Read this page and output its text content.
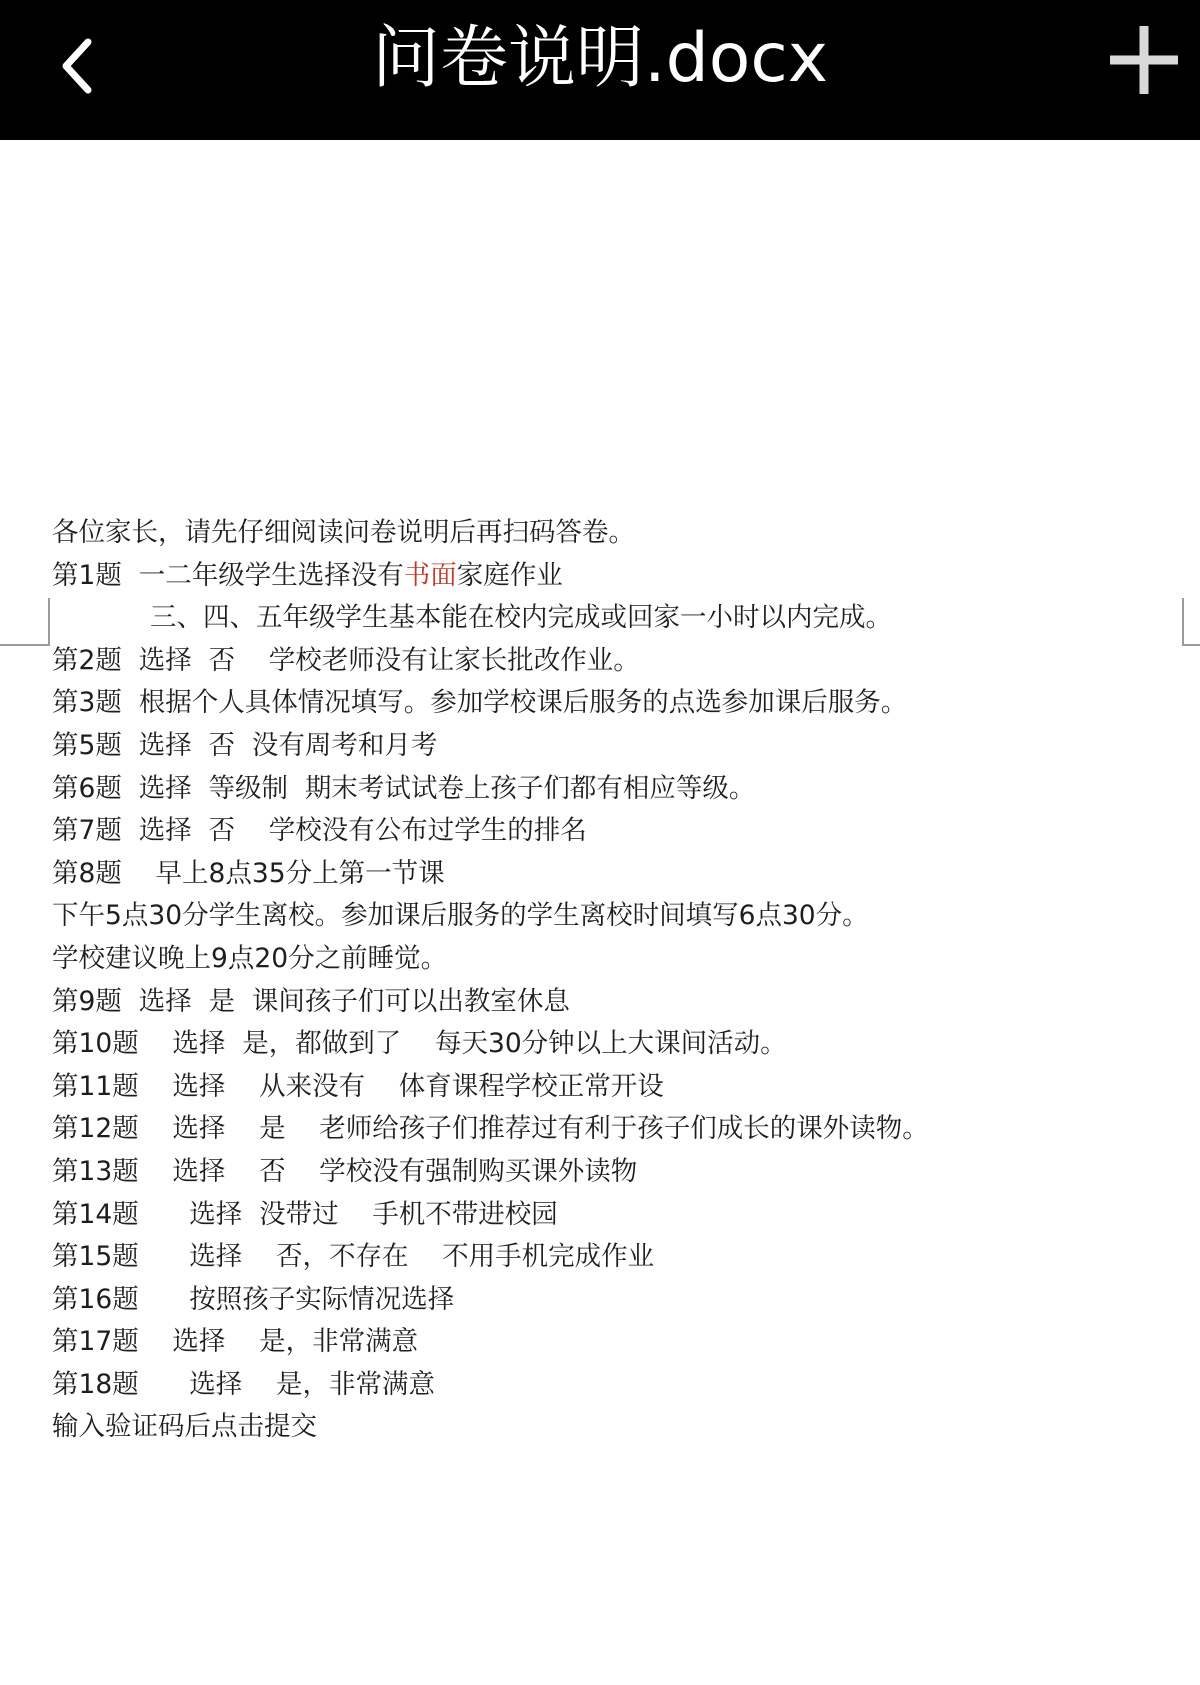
问卷说明.docx
各位家长，请先仔细阅读问卷说明后再扫码答卷。
第1题  一二年级学生选择没有书面家庭作业
三、四、五年级学生基本能在校内完成或回家一小时以内完成。
第2题  选择  否    学校老师没有让家长批改作业。
第3题  根据个人具体情况填写。参加学校课后服务的点选参加课后服务。
第5题  选择  否  没有周考和月考
第6题  选择  等级制  期末考试试卷上孩子们都有相应等级。
第7题  选择  否    学校没有公布过学生的排名
第8题    早上8点35分上第一节课
下午5点30分学生离校。参加课后服务的学生离校时间填写6点30分。
学校建议晚上9点20分之前睡觉。
第9题  选择  是  课间孩子们可以出教室休息
第10题    选择  是，都做到了    每天30分钟以上大课间活动。
第11题    选择    从来没有    体育课程学校正常开设
第12题    选择    是    老师给孩子们推荐过有利于孩子们成长的课外读物。
第13题    选择    否    学校没有强制购买课外读物
第14题      选择  没带过    手机不带进校园
第15题      选择    否，不存在    不用手机完成作业
第16题      按照孩子实际情况选择
第17题    选择    是，非常满意
第18题      选择    是，非常满意
输入验证码后点击提交
